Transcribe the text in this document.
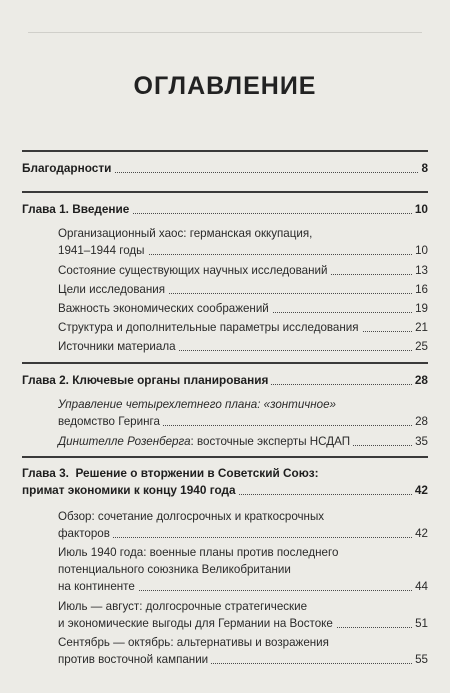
ОГЛАВЛЕНИЕ
Благодарности	8
Глава 1. Введение	10
Организационный хаос: германская оккупация,
1941–1944 годы	10
Состояние существующих научных исследований	13
Цели исследования	16
Важность экономических соображений	19
Структура и дополнительные параметры исследования	21
Источники материала	25
Глава 2. Ключевые органы планирования	28
Управление четырехлетнего плана: «зонтичное»
ведомство Геринга	28
Динштелле Розенберга: восточные эксперты НСДАП	35
Глава 3.  Решение о вторжении в Советский Союз:
примат экономики к концу 1940 года	42
Обзор: сочетание долгосрочных и краткосрочных
факторов	42
Июль 1940 года: военные планы против последнего
потенциального союзника Великобритании
на континенте	44
Июль — август: долгосрочные стратегические
и экономические выгоды для Германии на Востоке	51
Сентябрь — октябрь: альтернативы и возражения
против восточной кампании	55
